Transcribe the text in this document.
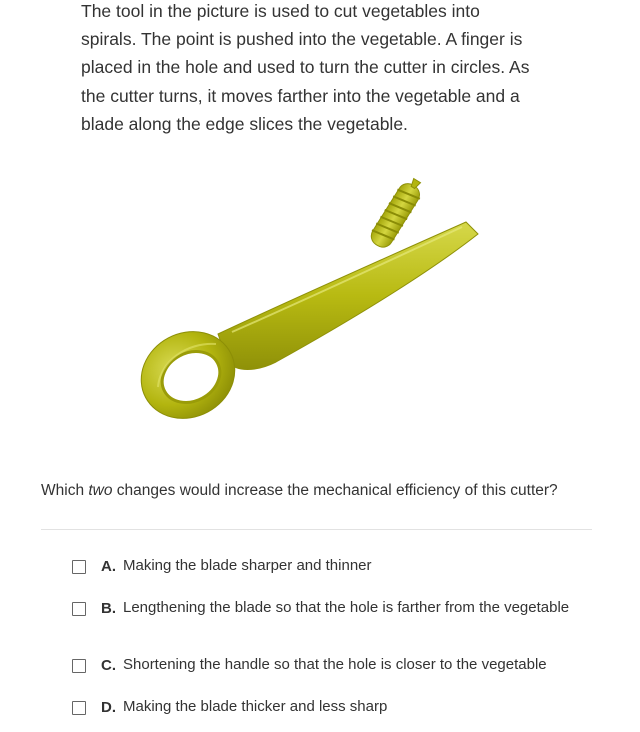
The tool in the picture is used to cut vegetables into
spirals. The point is pushed into the vegetable. A finger is
placed in the hole and used to turn the cutter in circles. As
the cutter turns, it moves farther into the vegetable and a
blade along the edge slices the vegetable.
Which two changes would increase the mechanical efficiency of this cutter?
A. Making the blade sharper and thinner
B. Lengthening the blade so that the hole is farther from the vegetable
C. Shortening the handle so that the hole is closer to the vegetable
D. Making the blade thicker and less sharp
